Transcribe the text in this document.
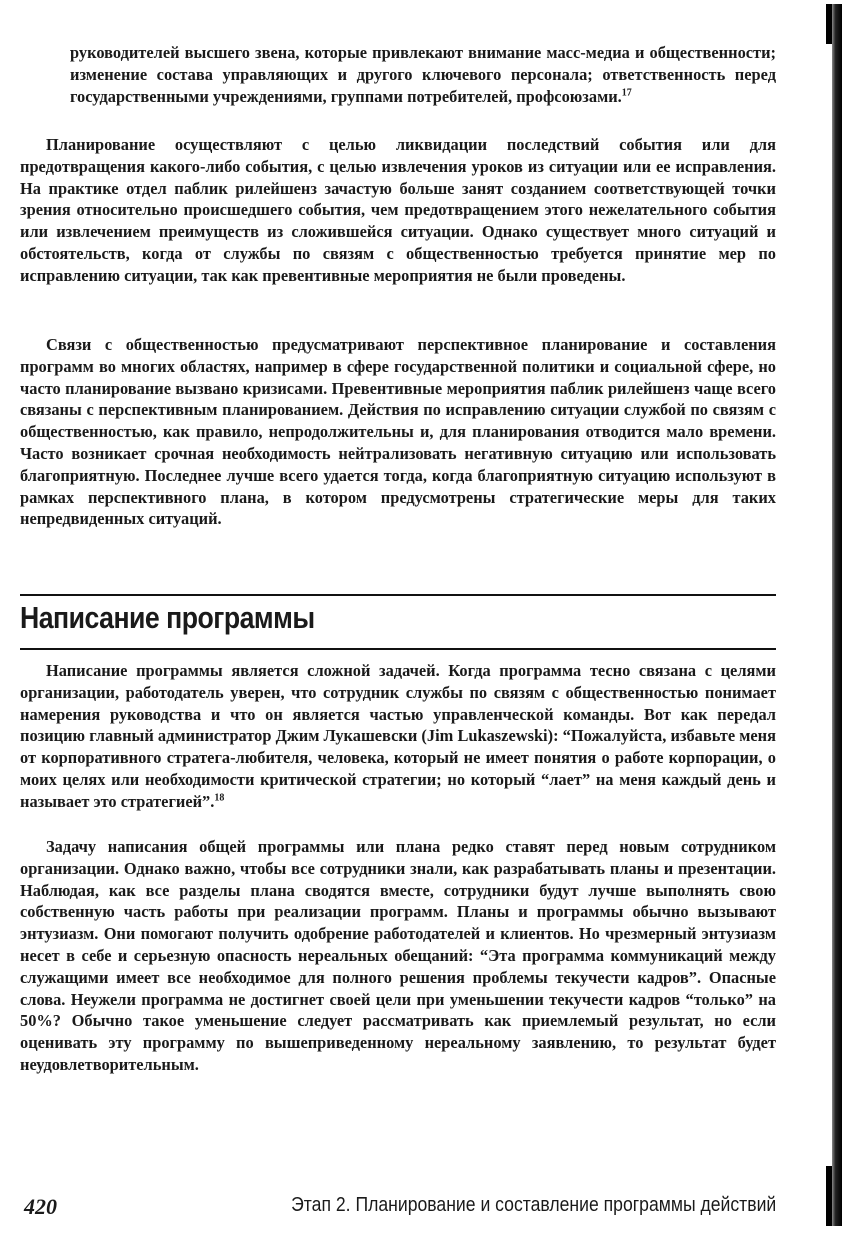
руководителей высшего звена, которые привлекают внимание масс-медиа и общественности; изменение состава управляющих и другого ключевого персонала; ответственность перед государственными учреждениями, группами потребителей, профсоюзами.$^{17}$

Планирование осуществляют с целью ликвидации последствий события или для предотвращения какого-либо события, с целью извлечения уроков из ситуации или ее исправления. На практике отдел паблик рилейшенз зачастую больше занят созданием соответствующей точки зрения относительно происшедшего события, чем предотвращением этого нежелательного события или извлечением преимуществ из сложившейся ситуации. Однако существует много ситуаций и обстоятельств, когда от службы по связям с общественностью требуется принятие мер по исправлению ситуации, так как превентивные мероприятия не были проведены.

Связи с общественностью предусматривают перспективное планирование и составления программ во многих областях, например в сфере государственной политики и социальной сфере, но часто планирование вызвано кризисами. Превентивные мероприятия паблик рилейшенз чаще всего связаны с перспективным планированием. Действия по исправлению ситуации службой по связям с общественностью, как правило, непродолжительны и, для планирования отводится мало времени. Часто возникает срочная необходимость нейтрализовать негативную ситуацию или использовать благоприятную. Последнее лучше всего удается тогда, когда благоприятную ситуацию используют в рамках перспективного плана, в котором предусмотрены стратегические меры для таких непредвиденных ситуаций.

Написание программы

Написание программы является сложной задачей. Когда программа тесно связана с целями организации, работодатель уверен, что сотрудник службы по связям с общественностью понимает намерения руководства и что он является частью управленческой команды. Вот как передал позицию главный администратор Джим Лукашевски (Jim Lukaszewski): “Пожалуйста, избавьте меня от корпоративного стратега-любителя, человека, который не имеет понятия о работе корпорации, о моих целях или необходимости критической стратегии; но который “лает” на меня каждый день и называет это стратегией”.$^{18}$

Задачу написания общей программы или плана редко ставят перед новым сотрудником организации. Однако важно, чтобы все сотрудники знали, как разрабатывать планы и презентации. Наблюдая, как все разделы плана сводятся вместе, сотрудники будут лучше выполнять свою собственную часть работы при реализации программ. Планы и программы обычно вызывают энтузиазм. Они помогают получить одобрение работодателей и клиентов. Но чрезмерный энтузиазм несет в себе и серьезную опасность нереальных обещаний: “Эта программа коммуникаций между служащими имеет все необходимое для полного решения проблемы текучести кадров”. Опасные слова. Неужели программа не достигнет своей цели при уменьшении текучести кадров “только” на 50%? Обычно такое уменьшение следует рассматривать как приемлемый результат, но если оценивать эту программу по вышеприведенному нереальному заявлению, то результат будет неудовлетворительным.

420	Этап 2. Планирование и составление программы действий
